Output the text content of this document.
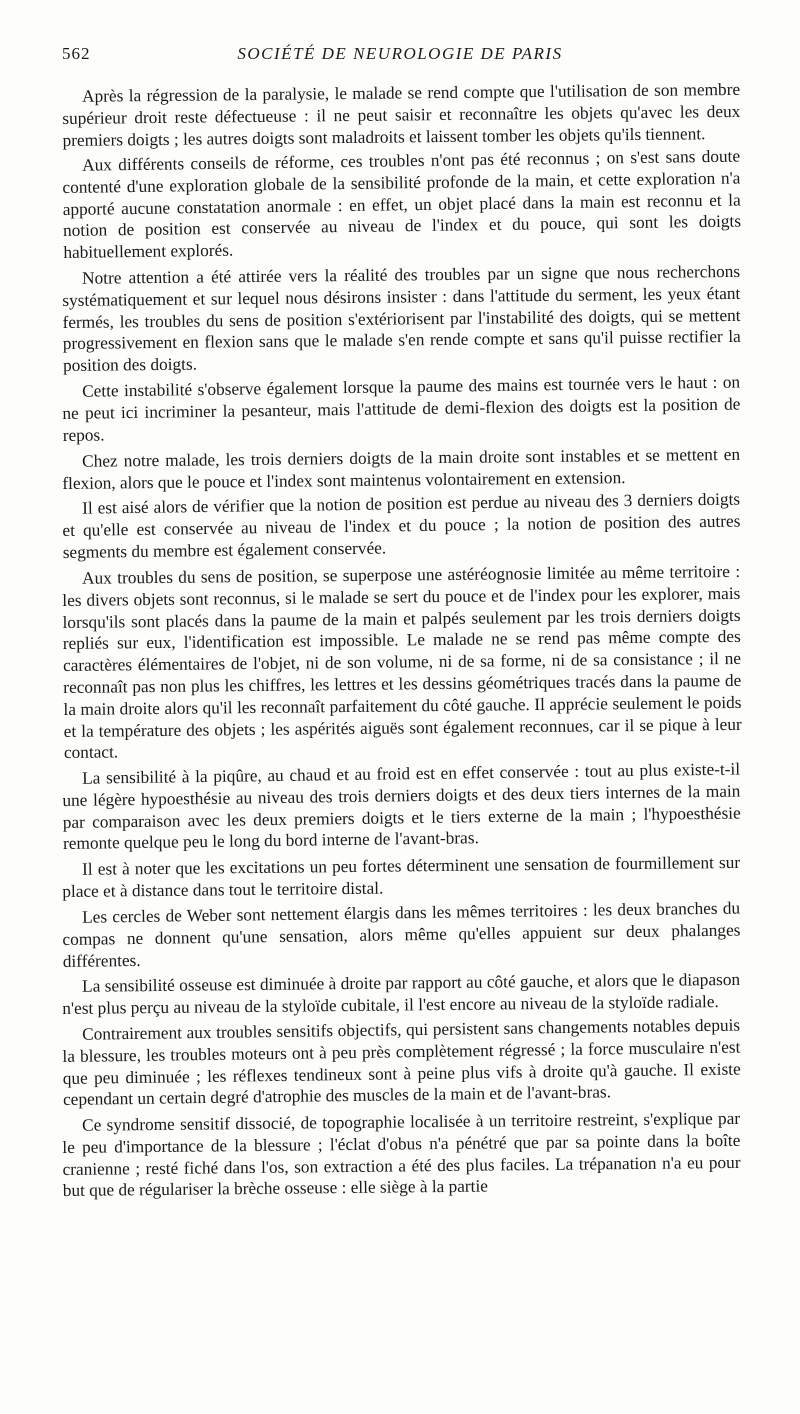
562	SOCIÉTÉ DE NEUROLOGIE DE PARIS

Après la régression de la paralysie, le malade se rend compte que l'utilisation de son membre supérieur droit reste défectueuse : il ne peut saisir et reconnaître les objets qu'avec les deux premiers doigts ; les autres doigts sont maladroits et laissent tomber les objets qu'ils tiennent.

Aux différents conseils de réforme, ces troubles n'ont pas été reconnus ; on s'est sans doute contenté d'une exploration globale de la sensibilité profonde de la main, et cette exploration n'a apporté aucune constatation anormale : en effet, un objet placé dans la main est reconnu et la notion de position est conservée au niveau de l'index et du pouce, qui sont les doigts habituellement explorés.

Notre attention a été attirée vers la réalité des troubles par un signe que nous recherchons systématiquement et sur lequel nous désirons insister : dans l'attitude du serment, les yeux étant fermés, les troubles du sens de position s'extériorisent par l'instabilité des doigts, qui se mettent progressivement en flexion sans que le malade s'en rende compte et sans qu'il puisse rectifier la position des doigts.

Cette instabilité s'observe également lorsque la paume des mains est tournée vers le haut : on ne peut ici incriminer la pesanteur, mais l'attitude de demi-flexion des doigts est la position de repos.

Chez notre malade, les trois derniers doigts de la main droite sont instables et se mettent en flexion, alors que le pouce et l'index sont maintenus volontairement en extension.

Il est aisé alors de vérifier que la notion de position est perdue au niveau des 3 derniers doigts et qu'elle est conservée au niveau de l'index et du pouce ; la notion de position des autres segments du membre est également conservée.

Aux troubles du sens de position, se superpose une astéréognosie limitée au même territoire : les divers objets sont reconnus, si le malade se sert du pouce et de l'index pour les explorer, mais lorsqu'ils sont placés dans la paume de la main et palpés seulement par les trois derniers doigts repliés sur eux, l'identification est impossible. Le malade ne se rend pas même compte des caractères élémentaires de l'objet, ni de son volume, ni de sa forme, ni de sa consistance ; il ne reconnaît pas non plus les chiffres, les lettres et les dessins géométriques tracés dans la paume de la main droite alors qu'il les reconnaît parfaitement du côté gauche. Il apprécie seulement le poids et la température des objets ; les aspérités aiguës sont également reconnues, car il se pique à leur contact.

La sensibilité à la piqûre, au chaud et au froid est en effet conservée : tout au plus existe-t-il une légère hypoesthésie au niveau des trois derniers doigts et des deux tiers internes de la main par comparaison avec les deux premiers doigts et le tiers externe de la main ; l'hypoesthésie remonte quelque peu le long du bord interne de l'avant-bras.

Il est à noter que les excitations un peu fortes déterminent une sensation de fourmillement sur place et à distance dans tout le territoire distal.

Les cercles de Weber sont nettement élargis dans les mêmes territoires : les deux branches du compas ne donnent qu'une sensation, alors même qu'elles appuient sur deux phalanges différentes.

La sensibilité osseuse est diminuée à droite par rapport au côté gauche, et alors que le diapason n'est plus perçu au niveau de la styloïde cubitale, il l'est encore au niveau de la styloïde radiale.

Contrairement aux troubles sensitifs objectifs, qui persistent sans changements notables depuis la blessure, les troubles moteurs ont à peu près complètement régressé ; la force musculaire n'est que peu diminuée ; les réflexes tendineux sont à peine plus vifs à droite qu'à gauche. Il existe cependant un certain degré d'atrophie des muscles de la main et de l'avant-bras.

Ce syndrome sensitif dissocié, de topographie localisée à un territoire restreint, s'explique par le peu d'importance de la blessure ; l'éclat d'obus n'a pénétré que par sa pointe dans la boîte cranienne ; resté fiché dans l'os, son extraction a été des plus faciles. La trépanation n'a eu pour but que de régulariser la brèche osseuse : elle siège à la partie
